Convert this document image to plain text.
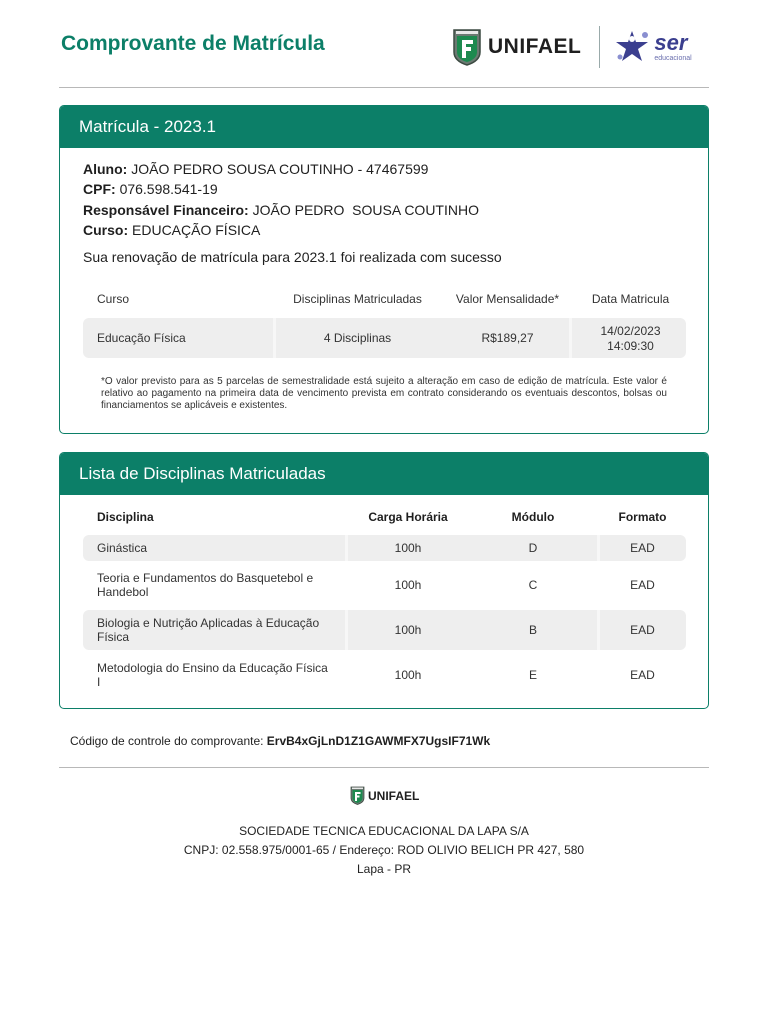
Comprovante de Matrícula	UNIFAEL	ser
educacional
Matrícula - 2023.1
Aluno: JOÃO PEDRO SOUSA COUTINHO - 47467599
CPF: 076.598.541-19
Responsável Financeiro: JOÃO PEDRO  SOUSA COUTINHO
Curso: EDUCAÇÃO FÍSICA
Sua renovação de matrícula para 2023.1 foi realizada com sucesso
Curso	Disciplinas Matriculadas	Valor Mensalidade*	Data Matricula
Educação Física	4 Disciplinas	R$189,27	14/02/2023
14:09:30
*O valor previsto para as 5 parcelas de semestralidade está sujeito a alteração em caso de edição de matrícula. Este valor é relativo ao pagamento na primeira data de vencimento prevista em contrato considerando os eventuais descontos, bolsas ou financiamentos se aplicáveis e existentes.
Lista de Disciplinas Matriculadas
Disciplina	Carga Horária	Módulo	Formato
Ginástica	100h	D	EAD
Teoria e Fundamentos do Basquetebol e Handebol	100h	C	EAD
Biologia e Nutrição Aplicadas à Educação Física	100h	B	EAD
Metodologia do Ensino da Educação Física I	100h	E	EAD
Código de controle do comprovante: ErvB4xGjLnD1Z1GAWMFX7UgsIF71Wk
UNIFAEL
SOCIEDADE TECNICA EDUCACIONAL DA LAPA S/A
CNPJ: 02.558.975/0001-65 / Endereço: ROD OLIVIO BELICH PR 427, 580
Lapa - PR
